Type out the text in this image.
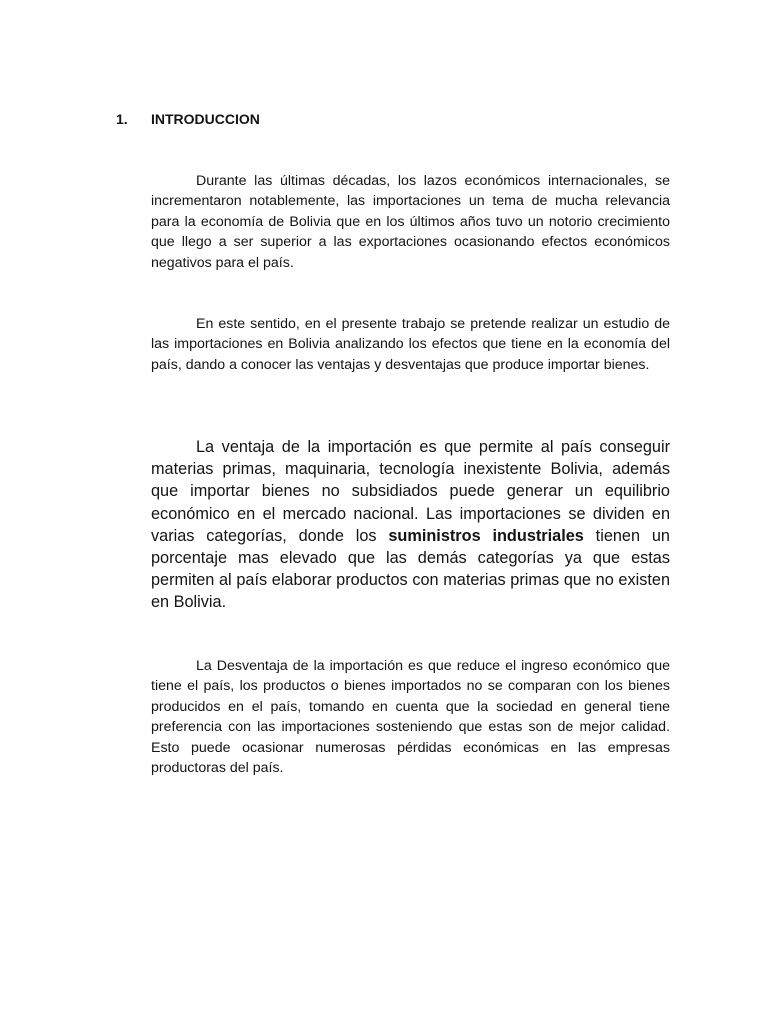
1. INTRODUCCION

Durante las últimas décadas, los lazos económicos internacionales, se incrementaron notablemente, las importaciones un tema de mucha relevancia para la economía de Bolivia que en los últimos años tuvo un notorio crecimiento que llego a ser superior a las exportaciones ocasionando efectos económicos negativos para el país.

En este sentido, en el presente trabajo se pretende realizar un estudio de las importaciones en Bolivia analizando los efectos que tiene en la economía del país, dando a conocer las ventajas y desventajas que produce importar bienes.

La ventaja de la importación es que permite al país conseguir materias primas, maquinaria, tecnología inexistente Bolivia, además que importar bienes no subsidiados puede generar un equilibrio económico en el mercado nacional. Las importaciones se dividen en varias categorías, donde los suministros industriales tienen un porcentaje mas elevado que las demás categorías ya que estas permiten al país elaborar productos con materias primas que no existen en Bolivia.

La Desventaja de la importación es que reduce el ingreso económico que tiene el país, los productos o bienes importados no se comparan con los bienes producidos en el país, tomando en cuenta que la sociedad en general tiene preferencia con las importaciones sosteniendo que estas son de mejor calidad. Esto puede ocasionar numerosas pérdidas económicas en las empresas productoras del país.
